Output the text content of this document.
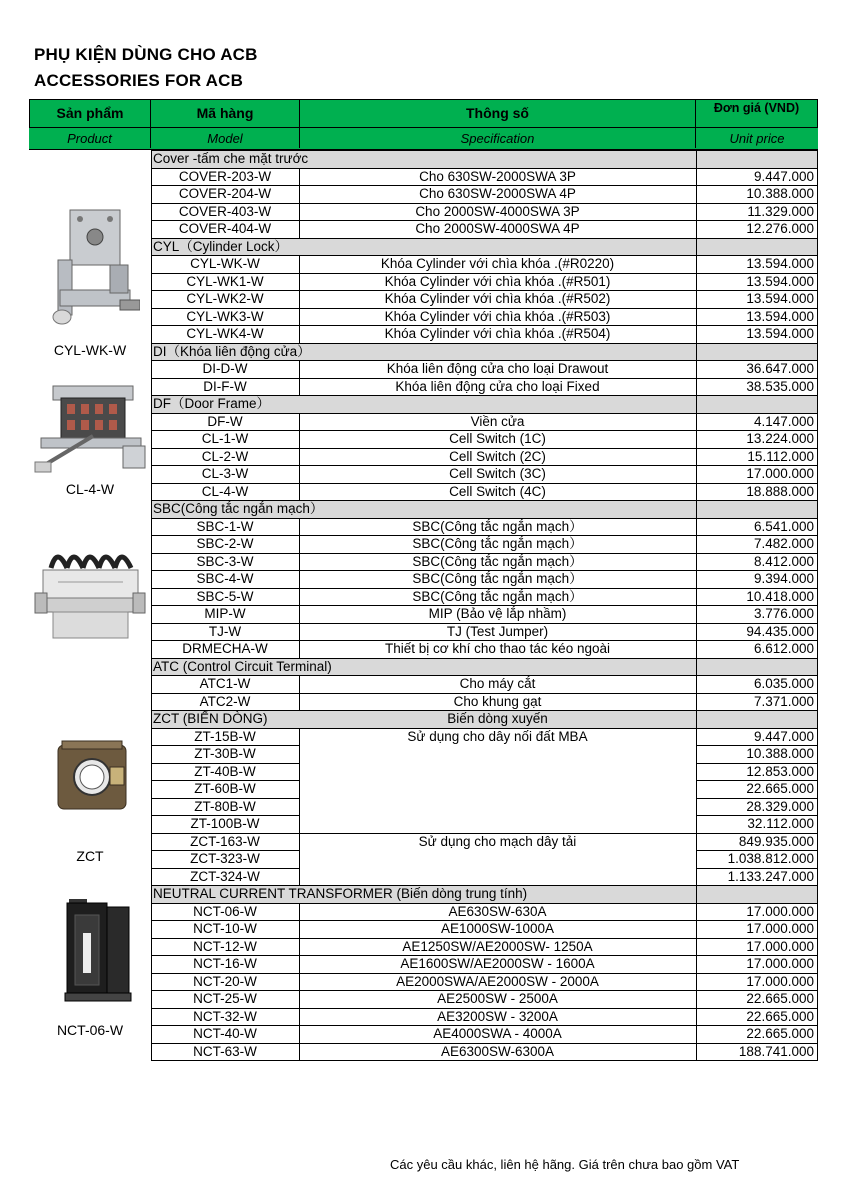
PHỤ KIỆN DÙNG CHO ACB
ACCESSORIES FOR ACB
Sản phẩm	Mã hàng	Thông số	Đơn giá (VND)
Product	Model	Specification	Unit price
Cover -tấm che mặt trước
COVER-203-W	Cho 630SW-2000SWA 3P	9.447.000
COVER-204-W	Cho 630SW-2000SWA 4P	10.388.000
COVER-403-W	Cho 2000SW-4000SWA 3P	11.329.000
COVER-404-W	Cho 2000SW-4000SWA 4P	12.276.000
CYL（Cylinder Lock）
CYL-WK-W	Khóa Cylinder với chìa khóa .(#R0220)	13.594.000
CYL-WK1-W	Khóa Cylinder với chìa khóa .(#R501)	13.594.000
CYL-WK2-W	Khóa Cylinder với chìa khóa .(#R502)	13.594.000
CYL-WK3-W	Khóa Cylinder với chìa khóa .(#R503)	13.594.000
CYL-WK4-W	Khóa Cylinder với chìa khóa .(#R504)	13.594.000
DI（Khóa liên động cửa）
DI-D-W	Khóa liên động cửa cho loại Drawout	36.647.000
DI-F-W	Khóa liên động cửa cho loại Fixed	38.535.000
DF（Door Frame）
DF-W	Viền cửa	4.147.000
CL-1-W	Cell Switch (1C)	13.224.000
CL-2-W	Cell Switch (2C)	15.112.000
CL-3-W	Cell Switch (3C)	17.000.000
CL-4-W	Cell Switch (4C)	18.888.000
SBC(Công tắc ngắn mạch）
SBC-1-W	SBC(Công tắc ngắn mạch）	6.541.000
SBC-2-W	SBC(Công tắc ngắn mạch）	7.482.000
SBC-3-W	SBC(Công tắc ngắn mạch）	8.412.000
SBC-4-W	SBC(Công tắc ngắn mạch）	9.394.000
SBC-5-W	SBC(Công tắc ngắn mạch）	10.418.000
MIP-W	MIP (Bảo vệ lắp nhầm)	3.776.000
TJ-W	TJ (Test Jumper)	94.435.000
DRMECHA-W	Thiết bị cơ khí cho thao tác kéo ngoài	6.612.000
ATC (Control Circuit Terminal)
ATC1-W	Cho máy cắt	6.035.000
ATC2-W	Cho khung gạt	7.371.000
ZCT (BIẾN DÒNG)	Biến dòng xuyến
ZT-15B-W	Sử dụng cho dây nối đất MBA	9.447.000
ZT-30B-W	10.388.000
ZT-40B-W	12.853.000
ZT-60B-W	22.665.000
ZT-80B-W	28.329.000
ZT-100B-W	32.112.000
ZCT-163-W	Sử dụng cho mạch dây tải	849.935.000
ZCT-323-W	1.038.812.000
ZCT-324-W	1.133.247.000
NEUTRAL CURRENT TRANSFORMER (Biến dòng trung tính)
NCT-06-W	AE630SW-630A	17.000.000
NCT-10-W	AE1000SW-1000A	17.000.000
NCT-12-W	AE1250SW/AE2000SW- 1250A	17.000.000
NCT-16-W	AE1600SW/AE2000SW - 1600A	17.000.000
NCT-20-W	AE2000SWA/AE2000SW - 2000A	17.000.000
NCT-25-W	AE2500SW - 2500A	22.665.000
NCT-32-W	AE3200SW - 3200A	22.665.000
NCT-40-W	AE4000SWA - 4000A	22.665.000
NCT-63-W	AE6300SW-6300A	188.741.000
CYL-WK-W
CL-4-W
ZCT
NCT-06-W
Các yêu cầu khác, liên hệ hãng. Giá trên chưa bao gồm VAT
